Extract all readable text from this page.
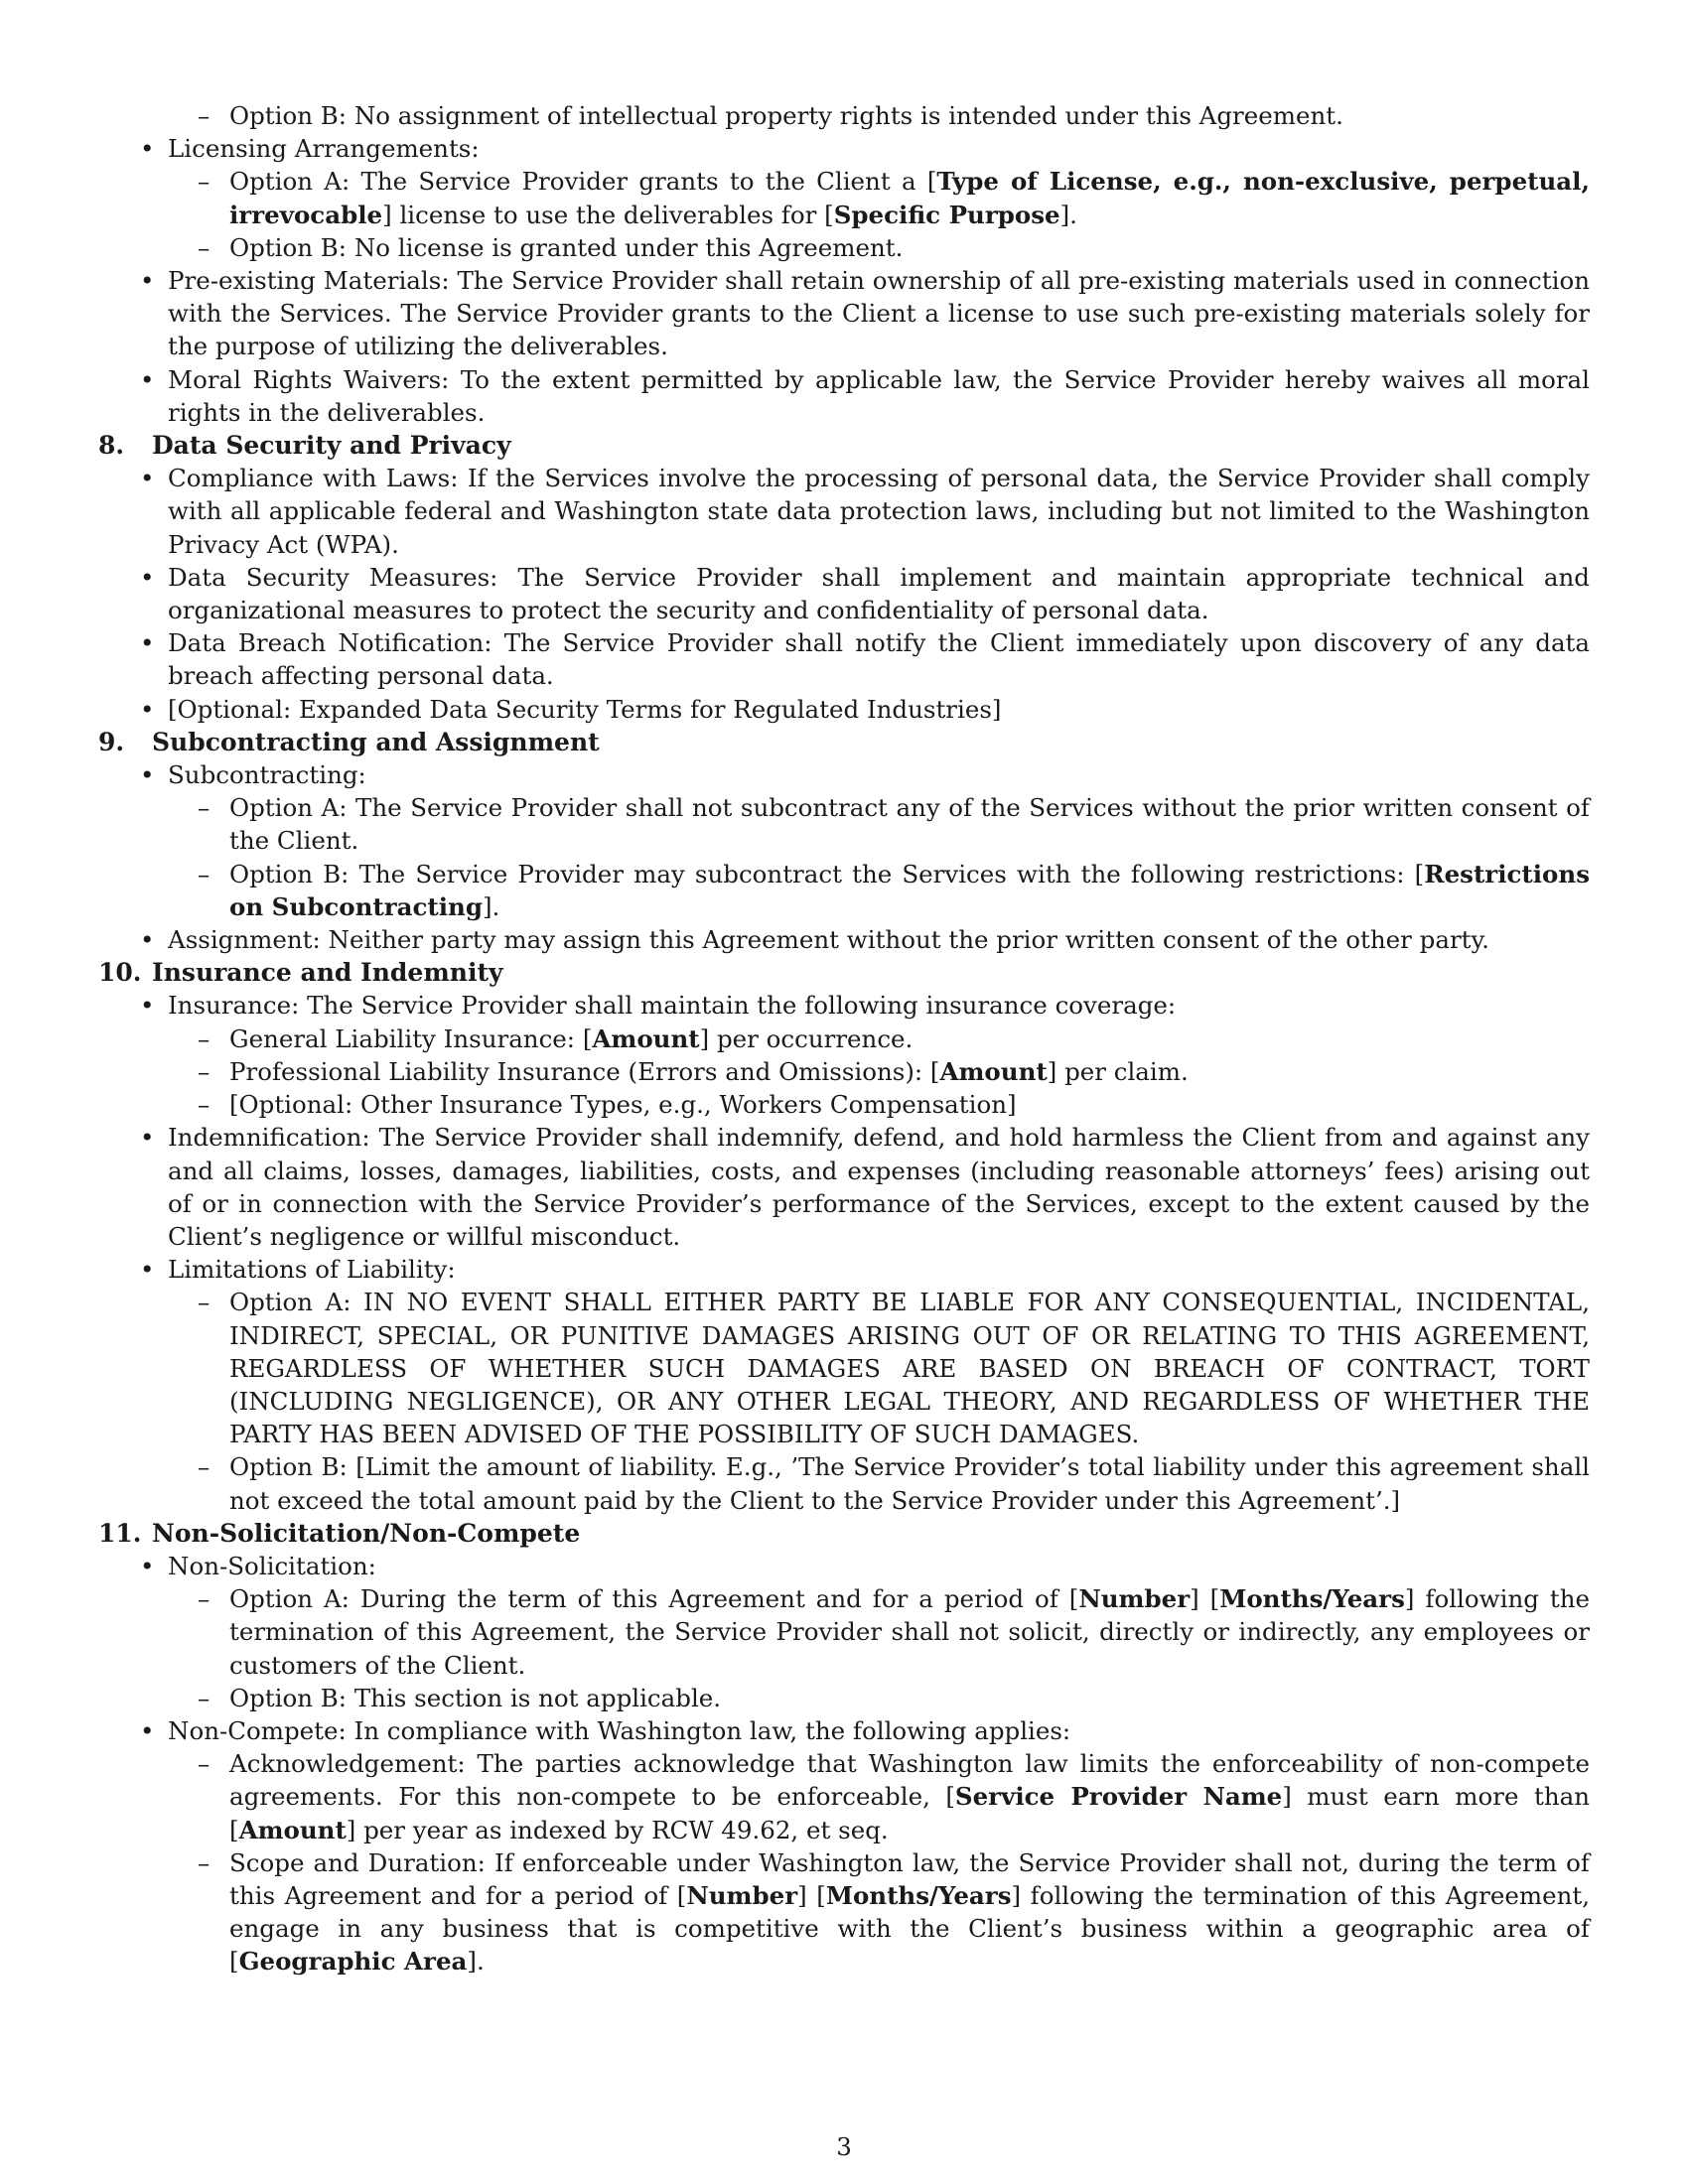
– Option B: No assignment of intellectual property rights is intended under this Agreement.
• Licensing Arrangements:
– Option A: The Service Provider grants to the Client a [Type of License, e.g., non-exclusive, perpetual, irrevocable] license to use the deliverables for [Specific Purpose].
– Option B: No license is granted under this Agreement.
• Pre-existing Materials: The Service Provider shall retain ownership of all pre-existing materials used in connection with the Services. The Service Provider grants to the Client a license to use such pre-existing materials solely for the purpose of utilizing the deliverables.
• Moral Rights Waivers: To the extent permitted by applicable law, the Service Provider hereby waives all moral rights in the deliverables.
8.	Data Security and Privacy
• Compliance with Laws: If the Services involve the processing of personal data, the Service Provider shall comply with all applicable federal and Washington state data protection laws, including but not limited to the Washington Privacy Act (WPA).
• Data Security Measures: The Service Provider shall implement and maintain appropriate technical and organizational measures to protect the security and confidentiality of personal data.
• Data Breach Notification: The Service Provider shall notify the Client immediately upon discovery of any data breach affecting personal data.
• [Optional: Expanded Data Security Terms for Regulated Industries]
9.	Subcontracting and Assignment
• Subcontracting:
– Option A: The Service Provider shall not subcontract any of the Services without the prior written consent of the Client.
– Option B: The Service Provider may subcontract the Services with the following restrictions: [Restrictions on Subcontracting].
• Assignment: Neither party may assign this Agreement without the prior written consent of the other party.
10. Insurance and Indemnity
• Insurance: The Service Provider shall maintain the following insurance coverage:
– General Liability Insurance: [Amount] per occurrence.
– Professional Liability Insurance (Errors and Omissions): [Amount] per claim.
– [Optional: Other Insurance Types, e.g., Workers Compensation]
• Indemnification: The Service Provider shall indemnify, defend, and hold harmless the Client from and against any and all claims, losses, damages, liabilities, costs, and expenses (including reasonable attorneys’ fees) arising out of or in connection with the Service Provider’s performance of the Services, except to the extent caused by the Client’s negligence or willful misconduct.
• Limitations of Liability:
– Option A: IN NO EVENT SHALL EITHER PARTY BE LIABLE FOR ANY CONSEQUENTIAL, INCIDENTAL, INDIRECT, SPECIAL, OR PUNITIVE DAMAGES ARISING OUT OF OR RELATING TO THIS AGREEMENT, REGARDLESS OF WHETHER SUCH DAMAGES ARE BASED ON BREACH OF CONTRACT, TORT (INCLUDING NEGLIGENCE), OR ANY OTHER LEGAL THEORY, AND REGARDLESS OF WHETHER THE PARTY HAS BEEN ADVISED OF THE POSSIBILITY OF SUCH DAMAGES.
– Option B: [Limit the amount of liability. E.g., ’The Service Provider’s total liability under this agreement shall not exceed the total amount paid by the Client to the Service Provider under this Agreement’.]
11. Non-Solicitation/Non-Compete
• Non-Solicitation:
– Option A: During the term of this Agreement and for a period of [Number] [Months/Years] following the termination of this Agreement, the Service Provider shall not solicit, directly or indirectly, any employees or customers of the Client.
– Option B: This section is not applicable.
• Non-Compete: In compliance with Washington law, the following applies:
– Acknowledgement: The parties acknowledge that Washington law limits the enforceability of non-compete agreements. For this non-compete to be enforceable, [Service Provider Name] must earn more than [Amount] per year as indexed by RCW 49.62, et seq.
– Scope and Duration: If enforceable under Washington law, the Service Provider shall not, during the term of this Agreement and for a period of [Number] [Months/Years] following the termination of this Agreement, engage in any business that is competitive with the Client’s business within a geographic area of [Geographic Area].
3
